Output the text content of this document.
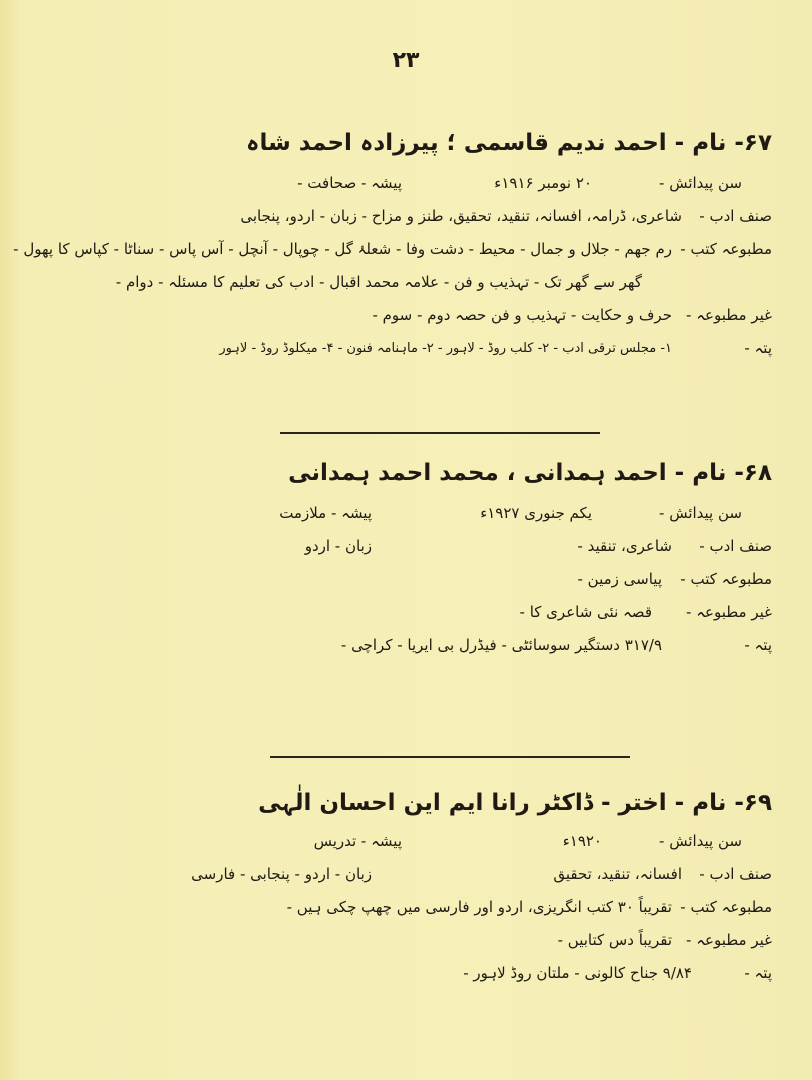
۲۳
۶۷- نام - احمد ندیم قاسمی ؛ پیرزادہ احمد شاہ
سن پیدائش -
۲۰ نومبر ۱۹۱۶ء
پیشہ - صحافت -
صنف ادب -
شاعری، ڈرامہ، افسانہ، تنقید، تحقیق، طنز و مزاح - زبان - اردو، پنجابی
مطبوعہ کتب -
رم جھم - جلال و جمال - محیط - دشت وفا - شعلۂ گل - چوپال - آنچل - آس پاس - سناٹا - کپاس کا پھول -
گھر سے گھر تک - تہذیب و فن - علامہ محمد اقبال - ادب کی تعلیم کا مسئلہ - دوام -
غیر مطبوعہ -
حرف و حکایت - تہذیب و فن حصہ دوم - سوم -
پتہ -
۱- مجلس ترقی ادب - ۲- کلب روڈ - لاہور - ۲- ماہنامہ فنون - ۴- میکلوڈ روڈ - لاہور
۶۸- نام - احمد ہمدانی ، محمد احمد ہمدانی
سن پیدائش -
یکم جنوری ۱۹۲۷ء
پیشہ - ملازمت
صنف ادب -
شاعری، تنقید -
زبان - اردو
مطبوعہ کتب -
پیاسی زمین -
غیر مطبوعہ -
قصہ نئی شاعری کا -
پتہ -
۳۱۷/۹ دستگیر سوسائٹی - فیڈرل بی ایریا - کراچی -
۶۹- نام - اختر - ڈاکٹر رانا ایم این احسان الٰہی
سن پیدائش -
۱۹۲۰ء
پیشہ - تدریس
صنف ادب -
افسانہ، تنقید، تحقیق
زبان - اردو - پنجابی - فارسی
مطبوعہ کتب -
تقریباً ۳۰ کتب انگریزی، اردو اور فارسی میں چھپ چکی ہیں -
غیر مطبوعہ -
تقریباً دس کتابیں -
پتہ -
۹/۸۴ جناح کالونی - ملتان روڈ لاہور -
